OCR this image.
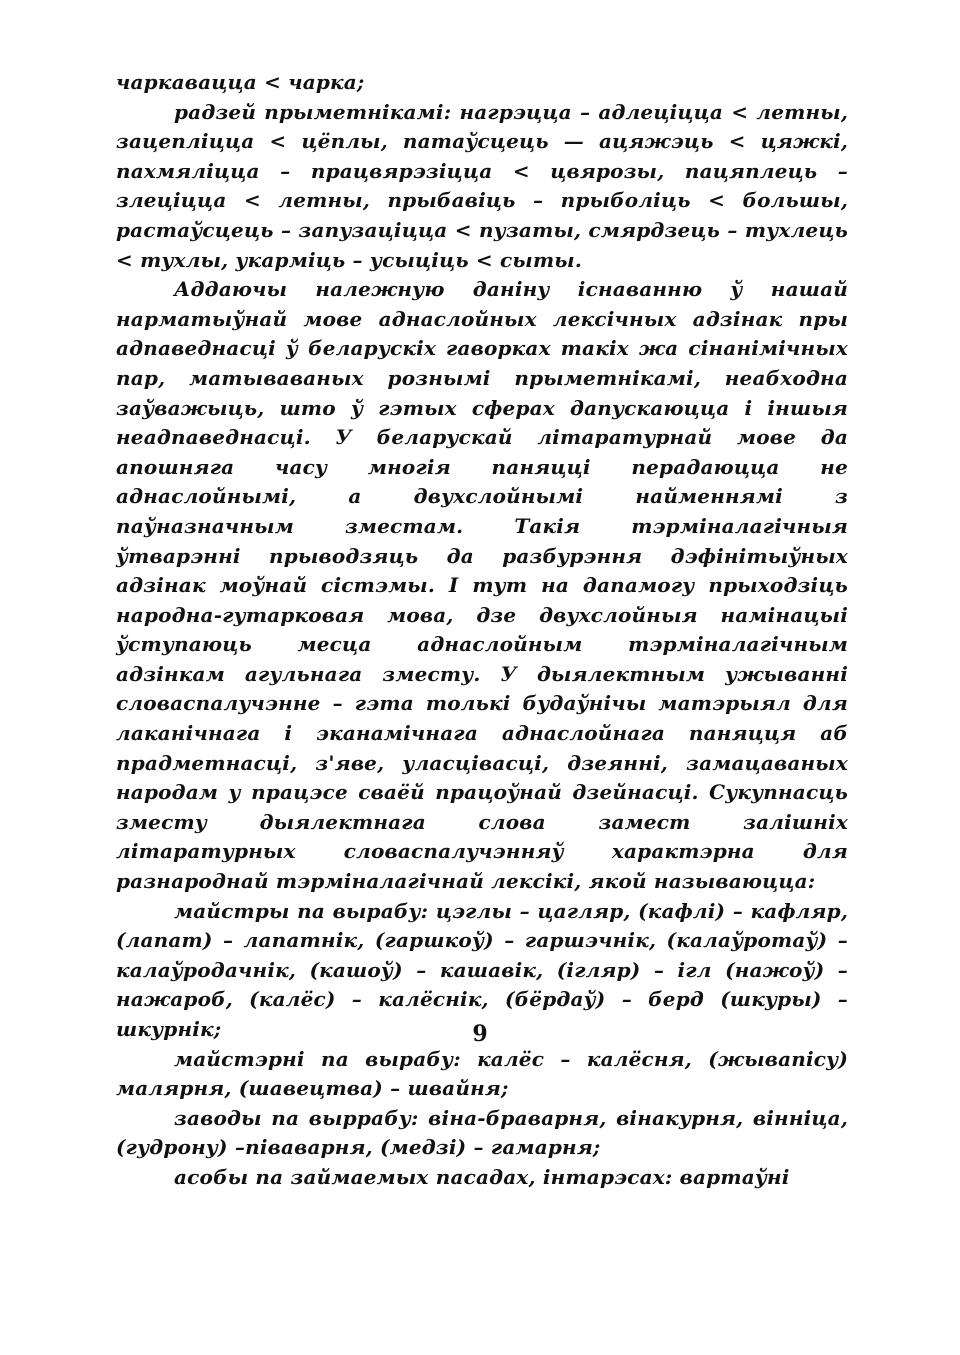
чаркавацца < чарка;

радзей прыметнікамі: нагрэцца – адлеціцца < летны, зацепліцца < цёплы, патаўсцець — ацяжэць < цяжкі, пахмяліцца – працвярэзіцца < цвярозы, пацяплець – злеціцца < летны, прыбавіць – прыболіць < большы, растаўсцець – запузаціцца < пузаты, смярдзець – тухлець < тухлы, укарміць – усыціць < сыты.

Аддаючы належную даніну існаванню ў нашай нарматыўнай мове аднаслойных лексічных адзінак пры адпаведнасці ў беларускіх гаворках такіх жа сінанімічных пар, матываваных рознымі прыметнікамі, неабходна заўважыць, што ў гэтых сферах дапускаюцца і іншыя неадпаведнасці. У беларускай літаратурнай мове да апошняга часу многія паняцці перадаюцца не аднаслойнымі, а двухслойнымі найменнямі з паўназначным зместам. Такія тэрміналагічныя ўтварэнні прыводзяць да разбурэння дэфінітыўных адзінак моўнай сістэмы. І тут на дапамогу прыходзіць народна-гутарковая мова, дзе двухслойныя намінацыі ўступаюць месца аднаслойным тэрміналагічным адзінкам агульнага зместу. У дыялектным ужыванні словаспалучэнне – гэта толькі будаўнічы матэрыял для лаканічнага і эканамічнага аднаслойнага паняцця аб прадметнасці, з'яве, уласцівасці, дзеянні, замацаваных народам у працэсе сваёй працоўнай дзейнасці. Сукупнасць зместу дыялектнага слова замест залішніх літаратурных словаспалучэнняў характэрна для разнароднай тэрміналагічнай лексікі, якой называюцца:

майстры па вырабу: цэглы – цагляр, (кафлі) – кафляр, (лапат) – лапатнік, (гаршкоў) – гаршэчнік, (калаўротаў) – калаўродачнік, (кашоў) – кашавік, (ігляр) – ігл (нажоў) – нажароб, (калёс) – калёснік, (бёрдаў) – берд (шкуры) – шкурнік;

майстэрні па вырабу: калёс – калёсня, (жывапісу) малярня, (шавецтва) – швайня;

заводы па выррабу: віна-бравapня, вінакурня, вінніца, (гудрону) –піваварня, (медзі) – гамарня;

асобы па займаемых пасадах, інтарэсах: вартаўні

9
